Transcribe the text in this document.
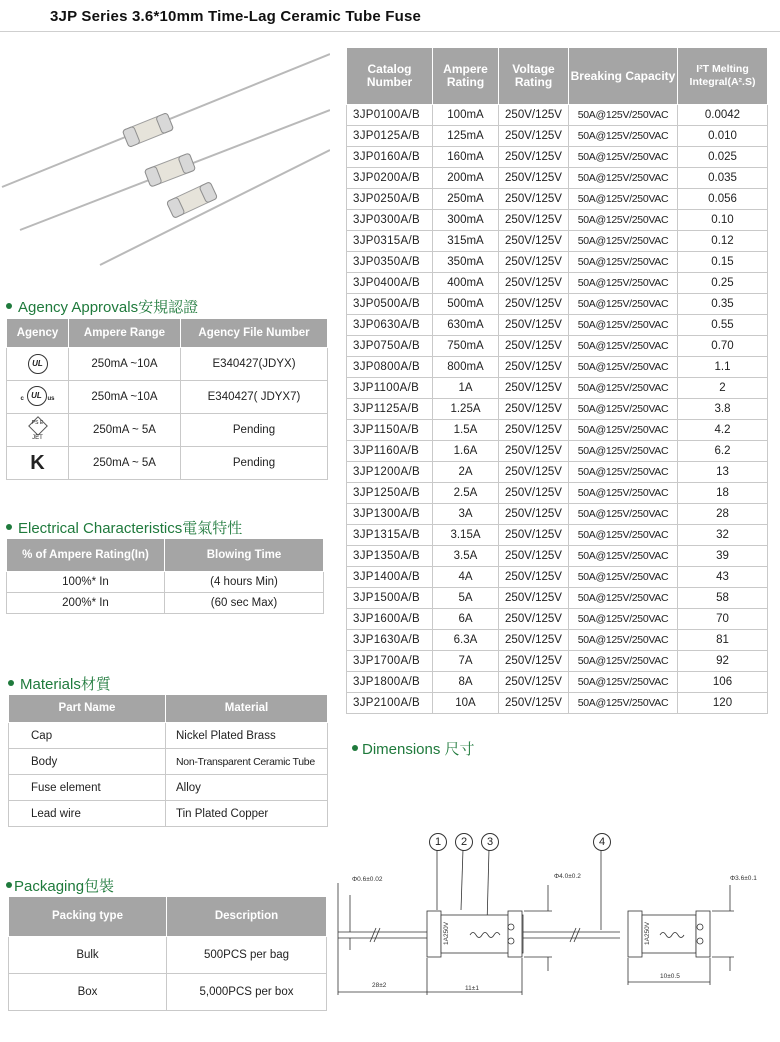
3JP Series 3.6*10mm Time-Lag Ceramic Tube Fuse
Catalog Number	Ampere Rating	Voltage Rating	Breaking Capacity	I²T Melting Integral(A².S)
3JP0100A/B	100mA	250V/125V	50A@125V/250VAC	0.0042
3JP0125A/B	125mA	250V/125V	50A@125V/250VAC	0.010
3JP0160A/B	160mA	250V/125V	50A@125V/250VAC	0.025
3JP0200A/B	200mA	250V/125V	50A@125V/250VAC	0.035
3JP0250A/B	250mA	250V/125V	50A@125V/250VAC	0.056
3JP0300A/B	300mA	250V/125V	50A@125V/250VAC	0.10
3JP0315A/B	315mA	250V/125V	50A@125V/250VAC	0.12
3JP0350A/B	350mA	250V/125V	50A@125V/250VAC	0.15
3JP0400A/B	400mA	250V/125V	50A@125V/250VAC	0.25
3JP0500A/B	500mA	250V/125V	50A@125V/250VAC	0.35
3JP0630A/B	630mA	250V/125V	50A@125V/250VAC	0.55
3JP0750A/B	750mA	250V/125V	50A@125V/250VAC	0.70
3JP0800A/B	800mA	250V/125V	50A@125V/250VAC	1.1
3JP1100A/B	1A	250V/125V	50A@125V/250VAC	2
3JP1125A/B	1.25A	250V/125V	50A@125V/250VAC	3.8
3JP1150A/B	1.5A	250V/125V	50A@125V/250VAC	4.2
3JP1160A/B	1.6A	250V/125V	50A@125V/250VAC	6.2
3JP1200A/B	2A	250V/125V	50A@125V/250VAC	13
3JP1250A/B	2.5A	250V/125V	50A@125V/250VAC	18
3JP1300A/B	3A	250V/125V	50A@125V/250VAC	28
3JP1315A/B	3.15A	250V/125V	50A@125V/250VAC	32
3JP1350A/B	3.5A	250V/125V	50A@125V/250VAC	39
3JP1400A/B	4A	250V/125V	50A@125V/250VAC	43
3JP1500A/B	5A	250V/125V	50A@125V/250VAC	58
3JP1600A/B	6A	250V/125V	50A@125V/250VAC	70
3JP1630A/B	6.3A	250V/125V	50A@125V/250VAC	81
3JP1700A/B	7A	250V/125V	50A@125V/250VAC	92
3JP1800A/B	8A	250V/125V	50A@125V/250VAC	106
3JP2100A/B	10A	250V/125V	50A@125V/250VAC	120
Agency Approvals安規認證
Agency	Ampere Range	Agency File Number
UL	250mA ~10A	E340427(JDYX)

c UL us	250mA ~10A	E340427( JDYX7)

PS E
JET	250mA ~ 5A	Pending
K	250mA ~ 5A	Pending
Electrical Characteristics電氣特性
% of Ampere Rating(In)	Blowing Time
100%* In	(4 hours Min)
200%* In	(60 sec Max)
Materials材質
Part Name	Material
Cap	Nickel Plated Brass
Body	Non-Transparent Ceramic Tube
Fuse element	Alloy
Lead wire	Tin Plated Copper
Packaging包裝
Packing type	Description
Bulk	500PCS per bag
Box	5,000PCS per box
Dimensions 尺寸
1	2	3	4
Φ0.6±0.02	Φ4.0±0.2	Φ3.6±0.1
28±2	11±1
10±0.5
1A250V	1A250V
